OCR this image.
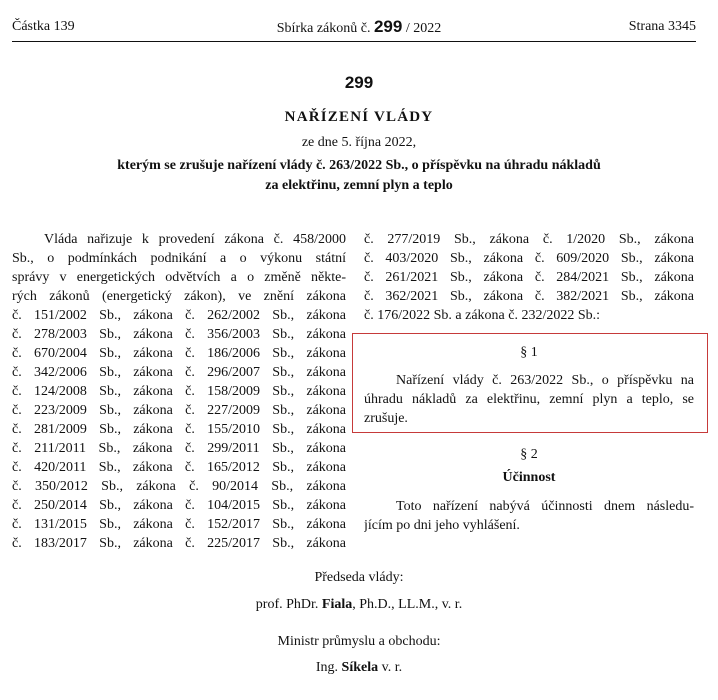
Částka 139	Sbírka zákonů č. 299 / 2022	Strana 3345
299
NAŘÍZENÍ VLÁDY
ze dne 5. října 2022,
kterým se zrušuje nařízení vlády č. 263/2022 Sb., o příspěvku na úhradu nákladů
za elektřinu, zemní plyn a teplo
Vláda nařizuje k provedení zákona č. 458/2000
Sb., o podmínkách podnikání a o výkonu státní
správy v energetických odvětvích a o změně někte-
rých zákonů (energetický zákon), ve znění zákona
č. 151/2002 Sb., zákona č. 262/2002 Sb., zákona
č. 278/2003 Sb., zákona č. 356/2003 Sb., zákona
č. 670/2004 Sb., zákona č. 186/2006 Sb., zákona
č. 342/2006 Sb., zákona č. 296/2007 Sb., zákona
č. 124/2008 Sb., zákona č. 158/2009 Sb., zákona
č. 223/2009 Sb., zákona č. 227/2009 Sb., zákona
č. 281/2009 Sb., zákona č. 155/2010 Sb., zákona
č. 211/2011 Sb., zákona č. 299/2011 Sb., zákona
č. 420/2011 Sb., zákona č. 165/2012 Sb., zákona
č. 350/2012 Sb., zákona č. 90/2014 Sb., zákona
č. 250/2014 Sb., zákona č. 104/2015 Sb., zákona
č. 131/2015 Sb., zákona č. 152/2017 Sb., zákona
č. 183/2017 Sb., zákona č. 225/2017 Sb., zákona
č. 277/2019 Sb., zákona č. 1/2020 Sb., zákona
č. 403/2020 Sb., zákona č. 609/2020 Sb., zákona
č. 261/2021 Sb., zákona č. 284/2021 Sb., zákona
č. 362/2021 Sb., zákona č. 382/2021 Sb., zákona
č. 176/2022 Sb. a zákona č. 232/2022 Sb.:
§ 1
Nařízení vlády č. 263/2022 Sb., o příspěvku na
úhradu nákladů za elektřinu, zemní plyn a teplo, se
zrušuje.
§ 2
Účinnost
Toto nařízení nabývá účinnosti dnem následu-
jícím po dni jeho vyhlášení.
Předseda vlády:
prof. PhDr. Fiala, Ph.D., LL.M., v. r.
Ministr průmyslu a obchodu:
Ing. Síkela v. r.
